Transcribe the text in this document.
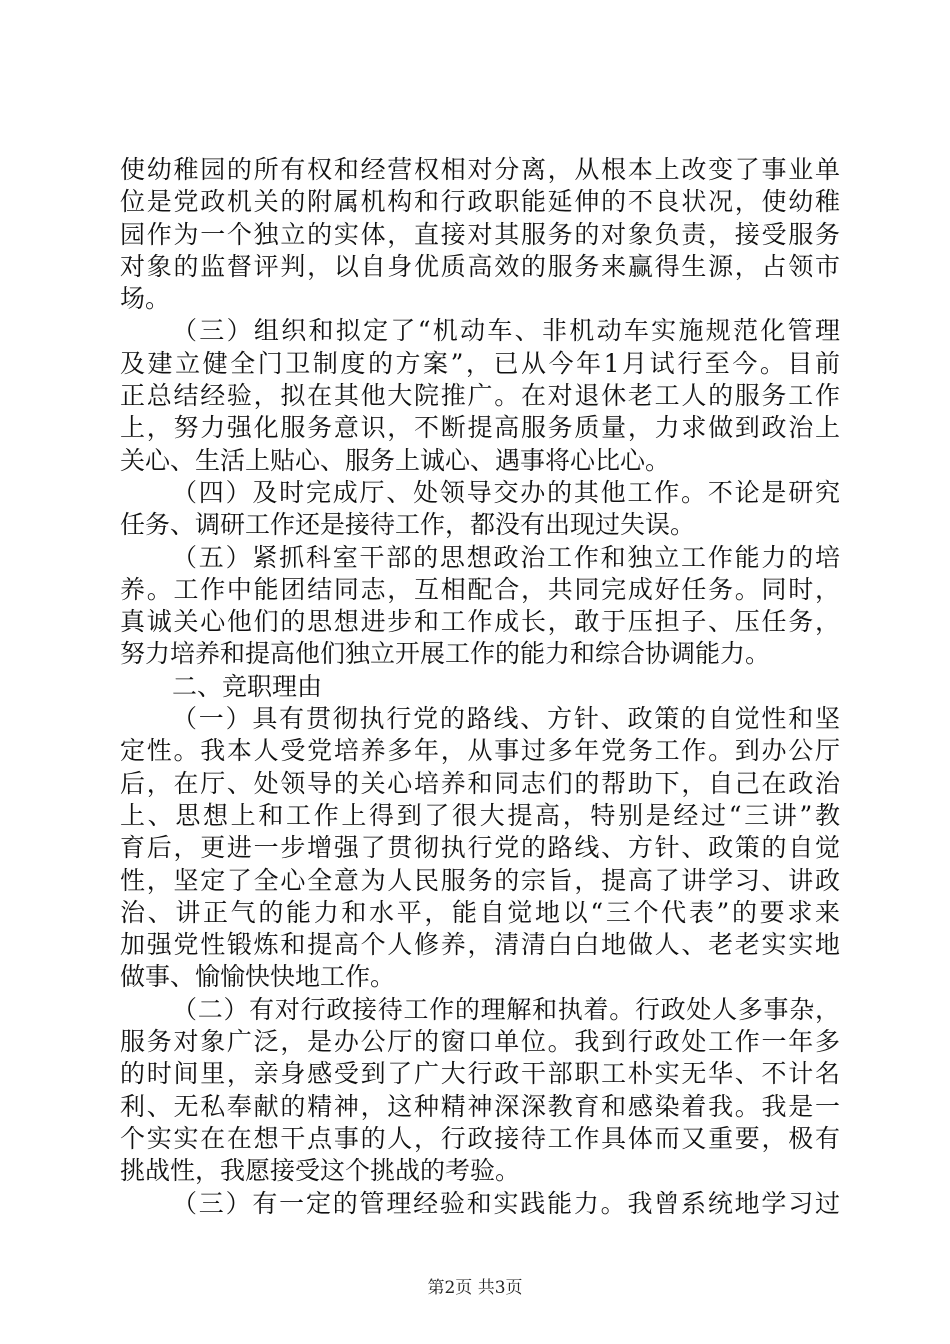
使幼稚园的所有权和经营权相对分离，从根本上改变了事业单
位是党政机关的附属机构和行政职能延伸的不良状况，使幼稚
园作为一个独立的实体，直接对其服务的对象负责，接受服务
对象的监督评判，以自身优质高效的服务来赢得生源，占领市
场。
（三）组织和拟定了“机动车、非机动车实施规范化管理
及建立健全门卫制度的方案”，已从今年1月试行至今。目前
正总结经验，拟在其他大院推广。在对退休老工人的服务工作
上，努力强化服务意识，不断提高服务质量，力求做到政治上
关心、生活上贴心、服务上诚心、遇事将心比心。
（四）及时完成厅、处领导交办的其他工作。不论是研究
任务、调研工作还是接待工作，都没有出现过失误。
（五）紧抓科室干部的思想政治工作和独立工作能力的培
养。工作中能团结同志，互相配合，共同完成好任务。同时，
真诚关心他们的思想进步和工作成长，敢于压担子、压任务，
努力培养和提高他们独立开展工作的能力和综合协调能力。
二、竞职理由
（一）具有贯彻执行党的路线、方针、政策的自觉性和坚
定性。我本人受党培养多年，从事过多年党务工作。到办公厅
后，在厅、处领导的关心培养和同志们的帮助下，自己在政治
上、思想上和工作上得到了很大提高，特别是经过“三讲”教
育后，更进一步增强了贯彻执行党的路线、方针、政策的自觉
性，坚定了全心全意为人民服务的宗旨，提高了讲学习、讲政
治、讲正气的能力和水平，能自觉地以“三个代表”的要求来
加强党性锻炼和提高个人修养，清清白白地做人、老老实实地
做事、愉愉快快地工作。
（二）有对行政接待工作的理解和执着。行政处人多事杂，
服务对象广泛，是办公厅的窗口单位。我到行政处工作一年多
的时间里，亲身感受到了广大行政干部职工朴实无华、不计名
利、无私奉献的精神，这种精神深深教育和感染着我。我是一
个实实在在想干点事的人，行政接待工作具体而又重要，极有
挑战性，我愿接受这个挑战的考验。
（三）有一定的管理经验和实践能力。我曾系统地学习过
第2页 共3页
